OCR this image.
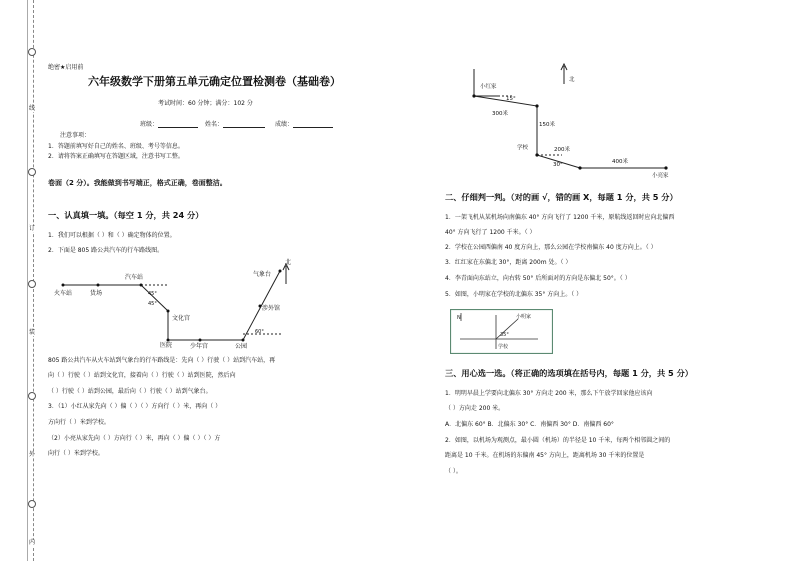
线
订
装
外
内
绝密★启用前
六年级数学下册第五单元确定位置检测卷（基础卷）
考试时间：60 分钟；满分：102 分
班级：	姓名：	成绩：
注意事项：
1．答题前填写好自己的姓名、班级、考号等信息。
2．请将答案正确填写在答题区域，注意书写工整。
卷面（2 分）。我能做到书写端正，格式正确，卷面整洁。
一、认真填一填。（每空 1 分，共 24 分）
1．我们可以根据（ ）和（ ）确定物体的位置。
2．下面是 805 路公共汽车的行车路线图。
火车站	货场
汽车站
文化宫
医院	少年宫	公园
涉外馆
气象台
北
45°
45°
60°
805 路公共汽车从火车站到气象台的行车路线是：先向（ ）行驶（ ）站到汽车站，再
向（ ）行驶（ ）站到文化宫，接着向（ ）行驶（ ）站到医院，然后向
（ ）行驶（ ）站到公园，最后向（ ）行驶（ ）站到气象台。
3．（1）小红从家先向（ ）偏（ ）（ ）方向行（ ）米，再向（ ）
方向行（ ）米到学校。
（2）小亮从家先向（ ）方向行（ ）米，再向（ ）偏（ ）（ ）方
向行（ ）米到学校。
北
小红家
15°
300米
150米
学校	200米
30°	400米
小亮家
二、仔细判一判。（对的画 √，错的画 X，每题 1 分，共 5 分）
1．一架飞机从某机场向南偏东 40° 方向飞行了 1200 千米，原航线返回时应向北偏西
40° 方向飞行了 1200 千米。（ ）
2．学校在公园西偏南 40 度方向上，那么公园在学校南偏东 40 度方向上。（ ）
3．红红家在东偏北 30°，距离 200m 处。（ ）
4．李青面向东站立，向右转 50° 后所面对的方向是东偏北 50°。（ ）
5．如图，小明家在学校的北偏东 35° 方向上。（ ）
N	小明家
35°
学校
三、用心选一选。（将正确的选项填在括号内，每题 1 分，共 5 分）
1．明明早晨上学要向北偏东 30° 方向走 200 米，那么下午放学回家他应该向
（ ）方向走 200 米。
A．北偏东 60° B．北偏东 30° C．南偏西 30° D．南偏西 60°
2．如图，以机场为观测点，最小圆（机场）的半径是 10 千米，每两个相邻圆之间的
距离是 10 千米。在机场的东偏南 45° 方向上，距离机场 30 千米的位置是
（ ）。
